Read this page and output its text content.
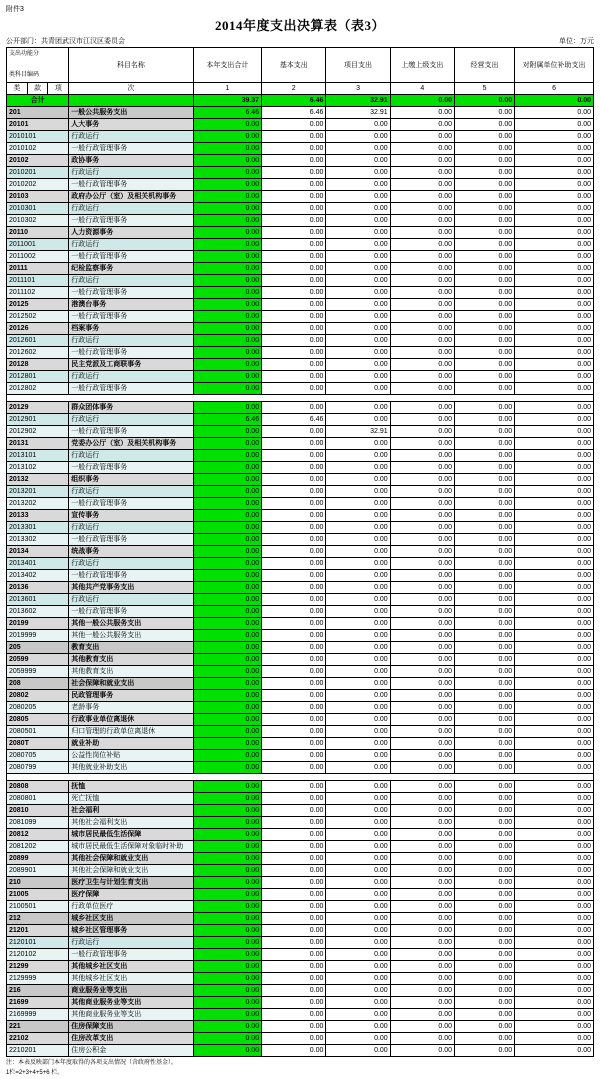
附件3
2014年度支出决算表（表3）
公开部门：共青团武汉市江汉区委员会	单位：万元
支出功能分
类科目编码			科目名称	本年支出合计	基本支出	项目支出	上缴上级支出	经营支出	对附属单位补助支出

类	款	项	次	1	2	3	4	5	6
合计				39.37	6.46	32.91	0.00	0.00	0.00
201			一般公共服务支出	6.46	6.46	32.91	0.00	0.00	0.00
20101			人大事务	0.00	0.00	0.00	0.00	0.00	0.00
2010101			行政运行	0.00	0.00	0.00	0.00	0.00	0.00
2010102			一般行政管理事务	0.00	0.00	0.00	0.00	0.00	0.00
20102			政协事务	0.00	0.00	0.00	0.00	0.00	0.00
2010201			行政运行	0.00	0.00	0.00	0.00	0.00	0.00
2010202			一般行政管理事务	0.00	0.00	0.00	0.00	0.00	0.00
20103			政府办公厅（室）及相关机构事务	0.00	0.00	0.00	0.00	0.00	0.00
2010301			行政运行	0.00	0.00	0.00	0.00	0.00	0.00
2010302			一般行政管理事务	0.00	0.00	0.00	0.00	0.00	0.00
20110			人力资源事务	0.00	0.00	0.00	0.00	0.00	0.00
2011001			行政运行	0.00	0.00	0.00	0.00	0.00	0.00
2011002			一般行政管理事务	0.00	0.00	0.00	0.00	0.00	0.00
20111			纪检监察事务	0.00	0.00	0.00	0.00	0.00	0.00
2011101			行政运行	0.00	0.00	0.00	0.00	0.00	0.00
2011102			一般行政管理事务	0.00	0.00	0.00	0.00	0.00	0.00
20125			港澳台事务	0.00	0.00	0.00	0.00	0.00	0.00
2012502			一般行政管理事务	0.00	0.00	0.00	0.00	0.00	0.00
20126			档案事务	0.00	0.00	0.00	0.00	0.00	0.00
2012601			行政运行	0.00	0.00	0.00	0.00	0.00	0.00
2012602			一般行政管理事务	0.00	0.00	0.00	0.00	0.00	0.00
20128			民主党派及工商联事务	0.00	0.00	0.00	0.00	0.00	0.00
2012801			行政运行	0.00	0.00	0.00	0.00	0.00	0.00
2012802			一般行政管理事务	0.00	0.00	0.00	0.00	0.00	0.00

20129			群众团体事务	0.00	0.00	0.00	0.00	0.00	0.00
2012901			行政运行	6.46	6.46	0.00	0.00	0.00	0.00
2012902			一般行政管理事务	0.00	0.00	32.91	0.00	0.00	0.00
20131			党委办公厅（室）及相关机构事务	0.00	0.00	0.00	0.00	0.00	0.00
2013101			行政运行	0.00	0.00	0.00	0.00	0.00	0.00
2013102			一般行政管理事务	0.00	0.00	0.00	0.00	0.00	0.00
20132			组织事务	0.00	0.00	0.00	0.00	0.00	0.00
2013201			行政运行	0.00	0.00	0.00	0.00	0.00	0.00
2013202			一般行政管理事务	0.00	0.00	0.00	0.00	0.00	0.00
20133			宣传事务	0.00	0.00	0.00	0.00	0.00	0.00
2013301			行政运行	0.00	0.00	0.00	0.00	0.00	0.00
2013302			一般行政管理事务	0.00	0.00	0.00	0.00	0.00	0.00
20134			统战事务	0.00	0.00	0.00	0.00	0.00	0.00
2013401			行政运行	0.00	0.00	0.00	0.00	0.00	0.00
2013402			一般行政管理事务	0.00	0.00	0.00	0.00	0.00	0.00
20136			其他共产党事务支出	0.00	0.00	0.00	0.00	0.00	0.00
2013601			行政运行	0.00	0.00	0.00	0.00	0.00	0.00
2013602			一般行政管理事务	0.00	0.00	0.00	0.00	0.00	0.00
20199			其他一般公共服务支出	0.00	0.00	0.00	0.00	0.00	0.00
2019999			其他一般公共服务支出	0.00	0.00	0.00	0.00	0.00	0.00
205			教育支出	0.00	0.00	0.00	0.00	0.00	0.00
20599			其他教育支出	0.00	0.00	0.00	0.00	0.00	0.00
2059999			其他教育支出	0.00	0.00	0.00	0.00	0.00	0.00
208			社会保障和就业支出	0.00	0.00	0.00	0.00	0.00	0.00
20802			民政管理事务	0.00	0.00	0.00	0.00	0.00	0.00
2080205			老龄事务	0.00	0.00	0.00	0.00	0.00	0.00
20805			行政事业单位离退休	0.00	0.00	0.00	0.00	0.00	0.00
2080501			归口管理的行政单位离退休	0.00	0.00	0.00	0.00	0.00	0.00
2080T			就业补助	0.00	0.00	0.00	0.00	0.00	0.00
2080705			公益性岗位补贴	0.00	0.00	0.00	0.00	0.00	0.00
2080799			其他就业补助支出	0.00	0.00	0.00	0.00	0.00	0.00

20808			抚恤	0.00	0.00	0.00	0.00	0.00	0.00
2080801			死亡抚恤	0.00	0.00	0.00	0.00	0.00	0.00
20810			社会福利	0.00	0.00	0.00	0.00	0.00	0.00
2081099			其他社会福利支出	0.00	0.00	0.00	0.00	0.00	0.00
20812			城市居民最低生活保障	0.00	0.00	0.00	0.00	0.00	0.00
2081202			城市居民最低生活保障对象临时补助	0.00	0.00	0.00	0.00	0.00	0.00
20899			其他社会保障和就业支出	0.00	0.00	0.00	0.00	0.00	0.00
2089901			其他社会保障和就业支出	0.00	0.00	0.00	0.00	0.00	0.00
210			医疗卫生与计划生育支出	0.00	0.00	0.00	0.00	0.00	0.00
21005			医疗保障	0.00	0.00	0.00	0.00	0.00	0.00
2100501			行政单位医疗	0.00	0.00	0.00	0.00	0.00	0.00
212			城乡社区支出	0.00	0.00	0.00	0.00	0.00	0.00
21201			城乡社区管理事务	0.00	0.00	0.00	0.00	0.00	0.00
2120101			行政运行	0.00	0.00	0.00	0.00	0.00	0.00
2120102			一般行政管理事务	0.00	0.00	0.00	0.00	0.00	0.00
21299			其他城乡社区支出	0.00	0.00	0.00	0.00	0.00	0.00
2129999			其他城乡社区支出	0.00	0.00	0.00	0.00	0.00	0.00
216			商业服务业等支出	0.00	0.00	0.00	0.00	0.00	0.00
21699			其他商业服务业等支出	0.00	0.00	0.00	0.00	0.00	0.00
2169999			其他商业服务业等支出	0.00	0.00	0.00	0.00	0.00	0.00
221			住房保障支出	0.00	0.00	0.00	0.00	0.00	0.00
22102			住房改革支出	0.00	0.00	0.00	0.00	0.00	0.00
2210201			住房公积金	0.00	0.00	0.00	0.00	0.00	0.00
注：本表反映部门本年度取得的各项支出情况（含政府性基金）。
1栏=2+3+4+5+6 栏。
